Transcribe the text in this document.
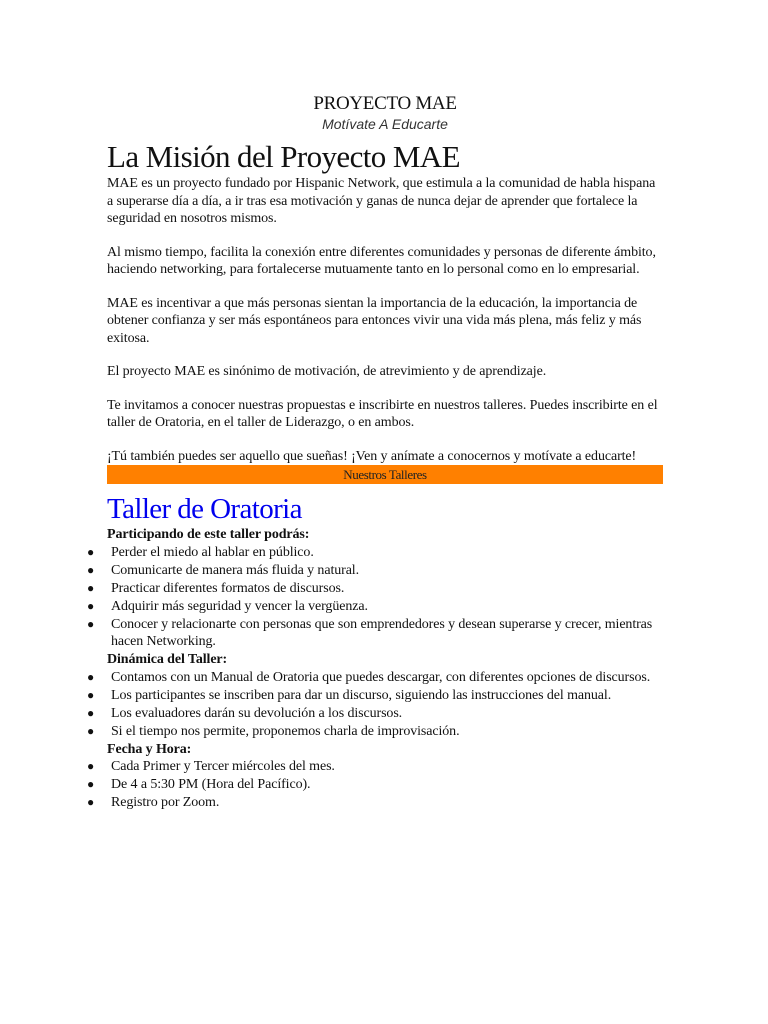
PROYECTO MAE
Motívate A Educarte
La Misión del Proyecto MAE

MAE es un proyecto fundado por Hispanic Network, que estimula a la comunidad de habla hispana a superarse día a día, a ir tras esa motivación y ganas de nunca dejar de aprender que fortalece la seguridad en nosotros mismos.

Al mismo tiempo, facilita la conexión entre diferentes comunidades y personas de diferente ámbito, haciendo networking, para fortalecerse mutuamente tanto en lo personal como en lo empresarial.

MAE es incentivar a que más personas sientan la importancia de la educación, la importancia de obtener confianza y ser más espontáneos para entonces vivir una vida más plena, más feliz y más exitosa.

El proyecto MAE es sinónimo de motivación, de atrevimiento y de aprendizaje.

Te invitamos a conocer nuestras propuestas e inscribirte en nuestros talleres. Puedes inscribirte en el taller de Oratoria, en el taller de Liderazgo, o en ambos.

¡Tú también puedes ser aquello que sueñas! ¡Ven y anímate a conocernos y motívate a educarte!

Nuestros Talleres
Taller de Oratoria
Participando de este taller podrás:
● Perder el miedo al hablar en público.
● Comunicarte de manera más fluida y natural.
● Practicar diferentes formatos de discursos.
● Adquirir más seguridad y vencer la vergüenza.
● Conocer y relacionarte con personas que son emprendedores y desean superarse y crecer, mientras hacen Networking.
Dinámica del Taller:
● Contamos con un Manual de Oratoria que puedes descargar, con diferentes opciones de discursos.
● Los participantes se inscriben para dar un discurso, siguiendo las instrucciones del manual.
● Los evaluadores darán su devolución a los discursos.
● Si el tiempo nos permite, proponemos charla de improvisación.
Fecha y Hora:
● Cada Primer y Tercer miércoles del mes.
● De 4 a 5:30 PM (Hora del Pacífico).
● Registro por Zoom.
